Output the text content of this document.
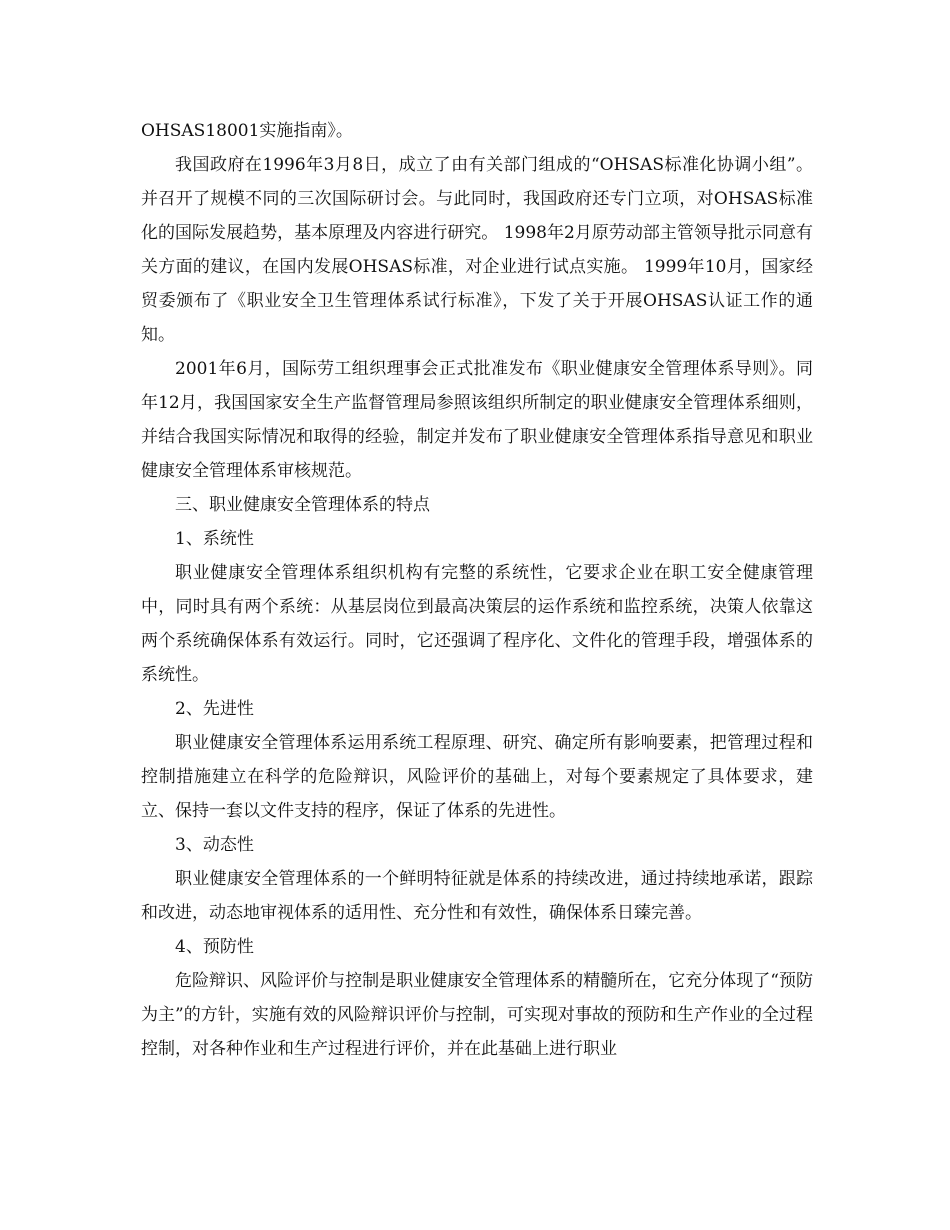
OHSAS18001实施指南》。

我国政府在1996年3月8日，成立了由有关部门组成的“OHSAS标准化协调小组”。并召开了规模不同的三次国际研讨会。与此同时，我国政府还专门立项，对OHSAS标准化的国际发展趋势，基本原理及内容进行研究。 1998年2月原劳动部主管领导批示同意有关方面的建议，在国内发展OHSAS标准，对企业进行试点实施。 1999年10月，国家经贸委颁布了《职业安全卫生管理体系试行标准》，下发了关于开展OHSAS认证工作的通知。

2001年6月，国际劳工组织理事会正式批准发布《职业健康安全管理体系导则》。同年12月，我国国家安全生产监督管理局参照该组织所制定的职业健康安全管理体系细则，并结合我国实际情况和取得的经验，制定并发布了职业健康安全管理体系指导意见和职业健康安全管理体系审核规范。

三、职业健康安全管理体系的特点

1、系统性

职业健康安全管理体系组织机构有完整的系统性，它要求企业在职工安全健康管理中，同时具有两个系统：从基层岗位到最高决策层的运作系统和监控系统，决策人依靠这两个系统确保体系有效运行。同时，它还强调了程序化、文件化的管理手段，增强体系的系统性。

2、先进性

职业健康安全管理体系运用系统工程原理、研究、确定所有影响要素，把管理过程和控制措施建立在科学的危险辩识，风险评价的基础上，对每个要素规定了具体要求，建立、保持一套以文件支持的程序，保证了体系的先进性。

3、动态性

职业健康安全管理体系的一个鲜明特征就是体系的持续改进，通过持续地承诺，跟踪和改进，动态地审视体系的适用性、充分性和有效性，确保体系日臻完善。

4、预防性

危险辩识、风险评价与控制是职业健康安全管理体系的精髓所在，它充分体现了“预防为主”的方针，实施有效的风险辩识评价与控制，可实现对事故的预防和生产作业的全过程控制，对各种作业和生产过程进行评价，并在此基础上进行职业
